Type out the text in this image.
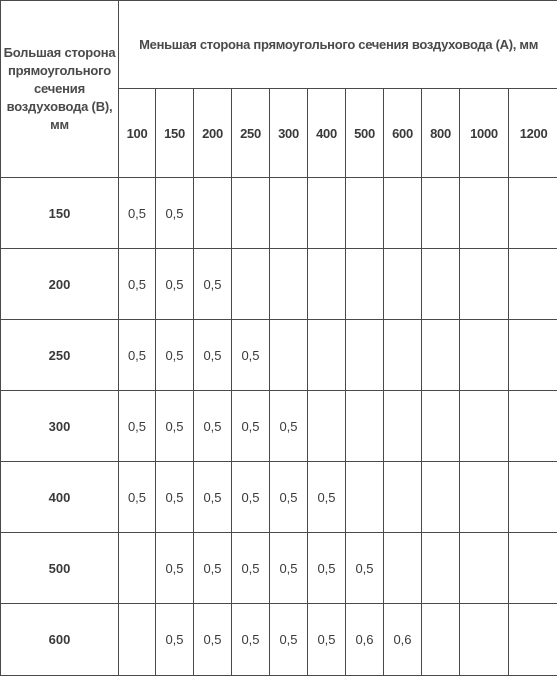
Большая сторона прямоугольного сечения воздуховода (B), мм	Меньшая сторона прямоугольного сечения воздуховода (A), мм										
	100	150	200	250	300	400	500	600	800	1000	1200
150	0,5	0,5									
200	0,5	0,5	0,5								
250	0,5	0,5	0,5	0,5							
300	0,5	0,5	0,5	0,5	0,5						
400	0,5	0,5	0,5	0,5	0,5	0,5					
500		0,5	0,5	0,5	0,5	0,5	0,5				
600		0,5	0,5	0,5	0,5	0,5	0,6	0,6			
